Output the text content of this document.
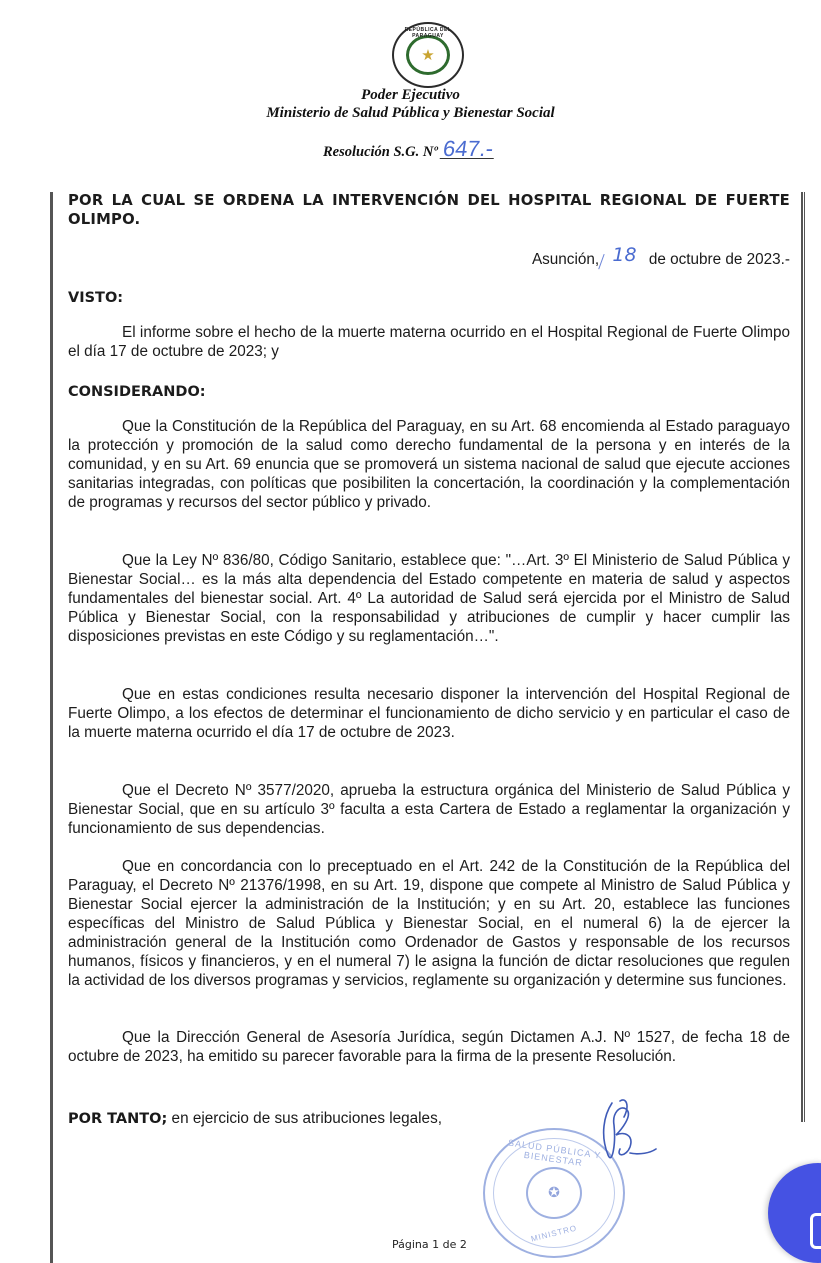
REPÚBLICA DEL PARAGUAY
★
Poder Ejecutivo
Ministerio de Salud Pública y Bienestar Social
Resolución S.G. Nº 647.-
POR LA CUAL SE ORDENA LA INTERVENCIÓN DEL HOSPITAL REGIONAL DE FUERTE OLIMPO.
Asunción, 18 de octubre de 2023.-
VISTO:

El informe sobre el hecho de la muerte materna ocurrido en el Hospital Regional de Fuerte Olimpo el día 17 de octubre de 2023; y

CONSIDERANDO:

Que la Constitución de la República del Paraguay, en su Art. 68 encomienda al Estado paraguayo la protección y promoción de la salud como derecho fundamental de la persona y en interés de la comunidad, y en su Art. 69 enuncia que se promoverá un sistema nacional de salud que ejecute acciones sanitarias integradas, con políticas que posibiliten la concertación, la coordinación y la complementación de programas y recursos del sector público y privado.

Que la Ley Nº 836/80, Código Sanitario, establece que: "…Art. 3º El Ministerio de Salud Pública y Bienestar Social… es la más alta dependencia del Estado competente en materia de salud y aspectos fundamentales del bienestar social. Art. 4º La autoridad de Salud será ejercida por el Ministro de Salud Pública y Bienestar Social, con la responsabilidad y atribuciones de cumplir y hacer cumplir las disposiciones previstas en este Código y su reglamentación…".

Que en estas condiciones resulta necesario disponer la intervención del Hospital Regional de Fuerte Olimpo, a los efectos de determinar el funcionamiento de dicho servicio y en particular el caso de la muerte materna ocurrido el día 17 de octubre de 2023.

Que el Decreto Nº 3577/2020, aprueba la estructura orgánica del Ministerio de Salud Pública y Bienestar Social, que en su artículo 3º faculta a esta Cartera de Estado a reglamentar la organización y funcionamiento de sus dependencias.

Que en concordancia con lo preceptuado en el Art. 242 de la Constitución de la República del Paraguay, el Decreto Nº 21376/1998, en su Art. 19, dispone que compete al Ministro de Salud Pública y Bienestar Social ejercer la administración de la Institución; y en su Art. 20, establece las funciones específicas del Ministro de Salud Pública y Bienestar Social, en el numeral 6) la de ejercer la administración general de la Institución como Ordenador de Gastos y responsable de los recursos humanos, físicos y financieros, y en el numeral 7) le asigna la función de dictar resoluciones que regulen la actividad de los diversos programas y servicios, reglamente su organización y determine sus funciones.

Que la Dirección General de Asesoría Jurídica, según Dictamen A.J. Nº 1527, de fecha 18 de octubre de 2023, ha emitido su parecer favorable para la firma de la presente Resolución.

POR TANTO; en ejercicio de sus atribuciones legales,
SALUD PÚBLICA Y BIENESTAR
✪
MINISTRO
Página 1 de 2
